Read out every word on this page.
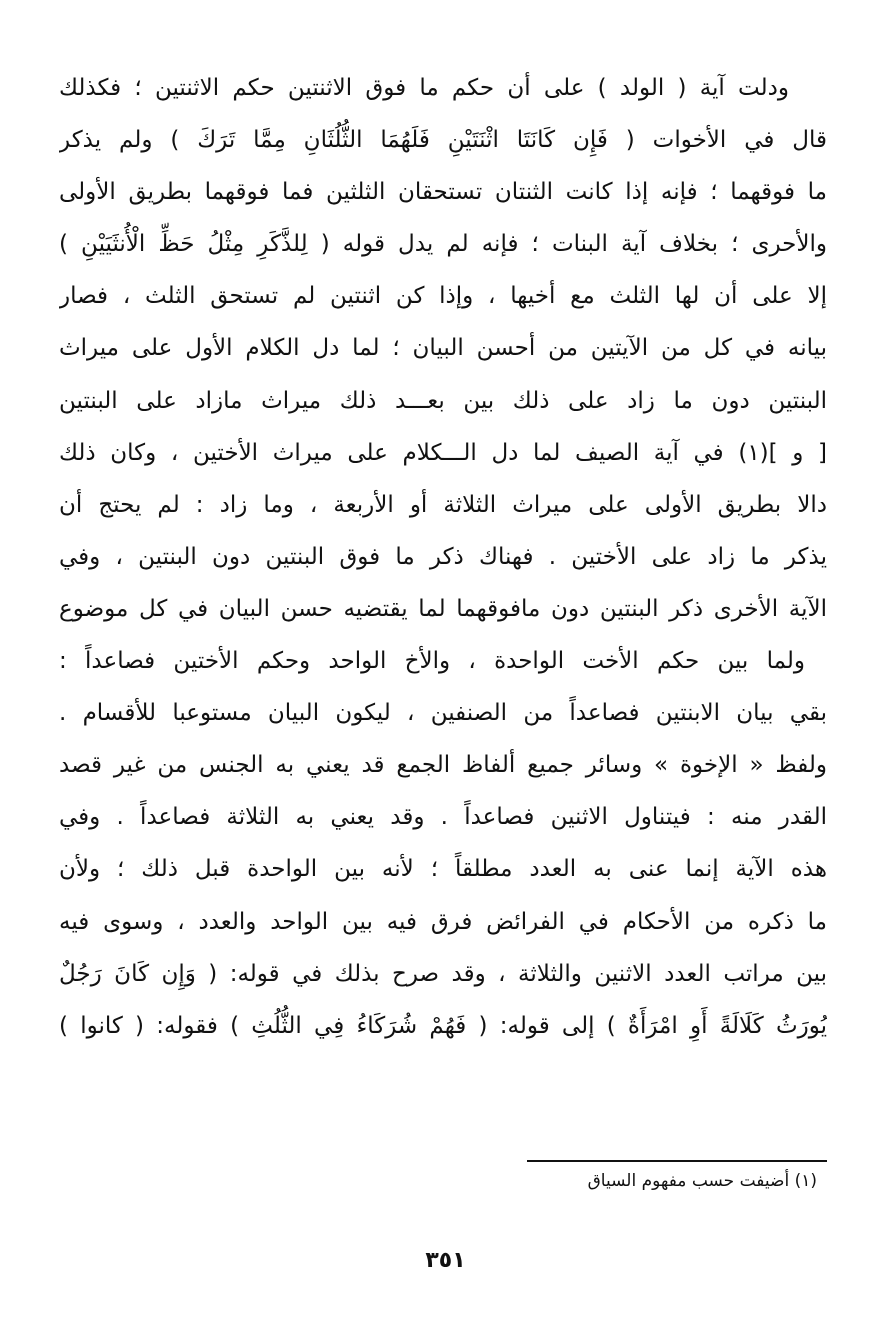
ودلت آية ( الولد ) على أن حكم ما فوق الاثنتين حكم الاثنتين ؛ فكذلك
قال في الأخوات ( فَإِن كَانَتَا اثْنَتَيْنِ فَلَهُمَا الثُّلُثَانِ مِمَّا تَرَكَ ) ولم يذكر
ما فوقهما ؛ فإنه إذا كانت الثنتان تستحقان الثلثين فما فوقهما بطريق الأولى
والأحرى ؛ بخلاف آية البنات ؛ فإنه لم يدل قوله ( لِلذَّكَرِ مِثْلُ حَظِّ الْأُنثَيَيْنِ )
إلا على أن لها الثلث مع أخيها ، وإذا كن اثنتين لم تستحق الثلث ، فصار
بيانه في كل من الآيتين من أحسن البيان ؛ لما دل الكلام الأول على ميراث
البنتين دون ما زاد على ذلك بين بعـــد ذلك ميراث مازاد على البنتين
[ و ](١) في آية الصيف لما دل الـــكلام على ميراث الأختين ، وكان ذلك
دالا بطريق الأولى على ميراث الثلاثة أو الأربعة ، وما زاد : لم يحتج أن
يذكر ما زاد على الأختين . فهناك ذكر ما فوق البنتين دون البنتين ، وفي
الآية الأخرى ذكر البنتين دون مافوقهما لما يقتضيه حسن البيان في كل موضوع
ولما بين حكم الأخت الواحدة ، والأخ الواحد وحكم الأختين فصاعداً :
بقي بيان الابنتين فصاعداً من الصنفين ، ليكون البيان مستوعبا للأقسام .
ولفظ « الإخوة » وسائر جميع ألفاظ الجمع قد يعني به الجنس من غير قصد
القدر منه : فيتناول الاثنين فصاعداً . وقد يعني به الثلاثة فصاعداً . وفي
هذه الآية إنما عنى به العدد مطلقاً ؛ لأنه بين الواحدة قبل ذلك ؛ ولأن
ما ذكره من الأحكام في الفرائض فرق فيه بين الواحد والعدد ، وسوى فيه
بين مراتب العدد الاثنين والثلاثة ، وقد صرح بذلك في قوله: ( وَإِن كَانَ رَجُلٌ
يُورَثُ كَلَالَةً أَوِ امْرَأَةٌ ) إلى قوله: ( فَهُمْ شُرَكَاءُ فِي الثُّلُثِ ) فقوله: ( كانوا )
(١) أضيفت حسب مفهوم السياق
٣٥١
